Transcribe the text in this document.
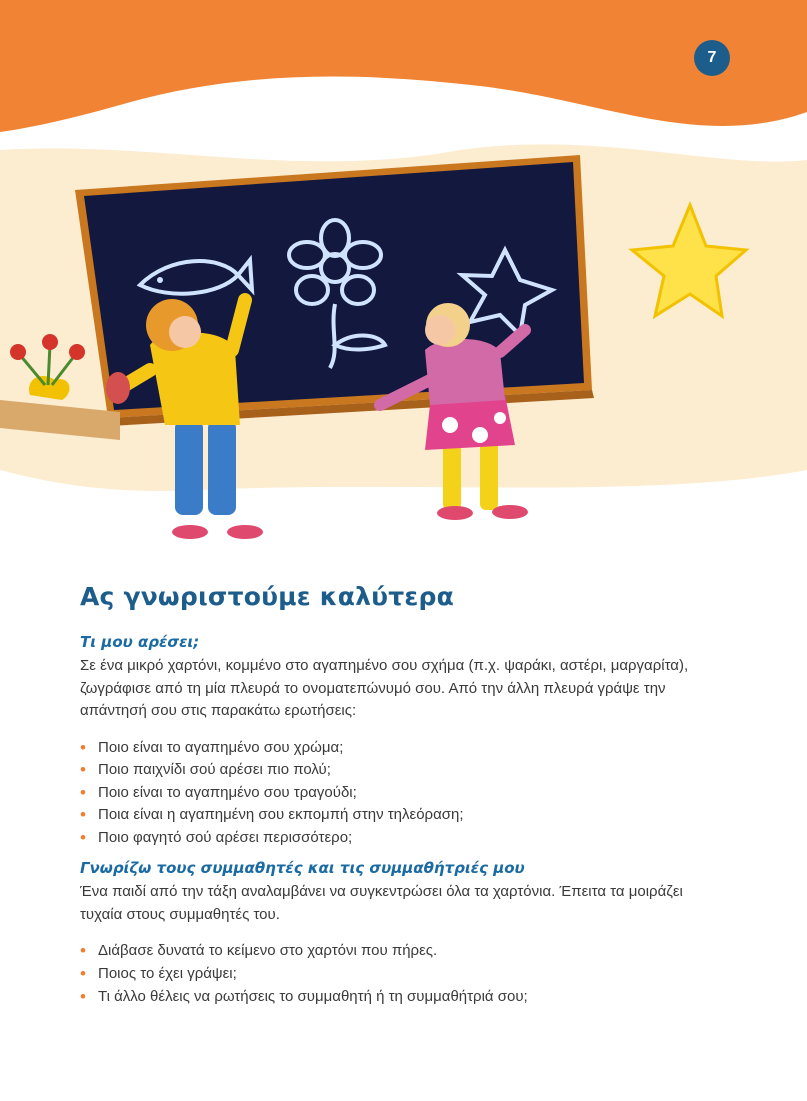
7
Ας γνωριστούμε καλύτερα
Τι μου αρέσει;

Σε ένα μικρό χαρτόνι, κομμένο στο αγαπημένο σου σχήμα (π.χ. ψαράκι, αστέρι, μαργαρίτα), ζωγράφισε από τη μία πλευρά το ονοματεπώνυμό σου. Από την άλλη πλευρά γράψε την απάντησή σου στις παρακάτω ερωτήσεις:

• Ποιο είναι το αγαπημένο σου χρώμα;
• Ποιο παιχνίδι σού αρέσει πιο πολύ;
• Ποιο είναι το αγαπημένο σου τραγούδι;
• Ποια είναι η αγαπημένη σου εκπομπή στην τηλεόραση;
• Ποιο φαγητό σού αρέσει περισσότερο;
Γνωρίζω τους συμμαθητές και τις συμμαθήτριές μου

Ένα παιδί από την τάξη αναλαμβάνει να συγκεντρώσει όλα τα χαρτόνια. Έπειτα τα μοιράζει τυχαία στους συμμαθητές του.

• Διάβασε δυνατά το κείμενο στο χαρτόνι που πήρες.
• Ποιος το έχει γράψει;
• Τι άλλο θέλεις να ρωτήσεις το συμμαθητή ή τη συμμαθήτριά σου;
